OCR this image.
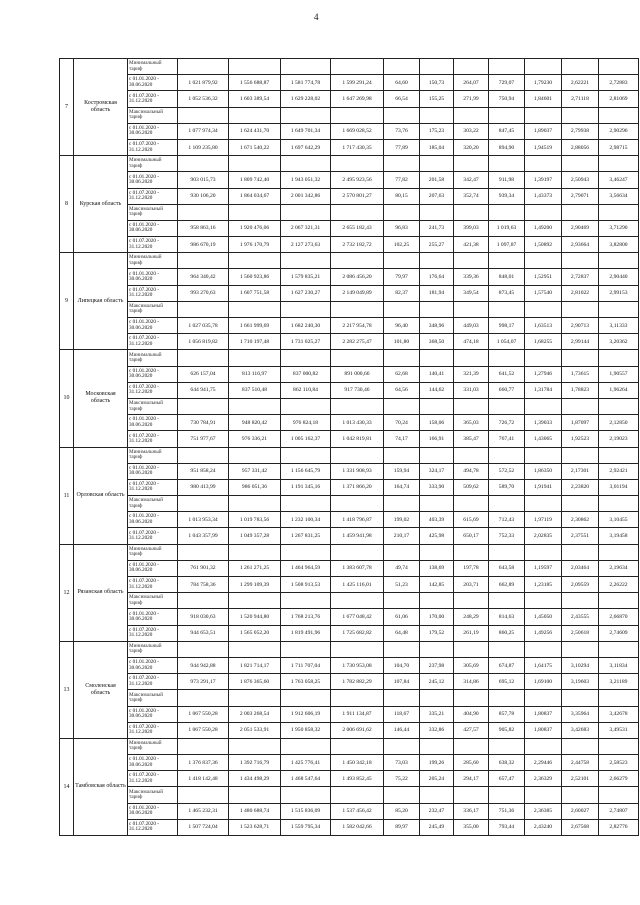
4
7	Костромская область	Минимальный тариф												
		с 01.01.2020 - 30.06.2020	1 021 879,92	1 556 688,87	1 581 774,78	1 599 291,24	64,60	150,73	264,07	729,07	1,79230	2,62221	2,72883	
		с 01.07.2020 - 31.12.2020	1 052 536,32	1 603 389,54	1 629 228,02	1 647 269,98	66,54	155,25	271,99	750,94	1,84601	2,71118	2,81069	
		Максимальный тариф												
		с 01.01.2020 - 30.06.2020	1 077 974,34	1 624 431,70	1 649 701,34	1 669 028,52	73,76	175,23	303,22	847,45	1,89037	2,79938	2,90296	
		с 01.07.2020 - 31.12.2020	1 109 235,80	1 671 540,22	1 697 642,29	1 717 430,35	77,89	185,04	320,20	894,90	1,94519	2,88056	2,98715	
8	Курская область	Минимальный тариф												
		с 01.01.2020 - 30.06.2020	903 015,73	1 809 742,40	1 943 051,32	2 495 923,56	77,82	201,58	342,47	911,98	1,39197	2,50943	3,46247	
		с 01.07.2020 - 31.12.2020	930 106,20	1 864 034,67	2 001 342,86	2 570 801,27	80,15	207,63	352,74	939,34	1,43373	2,79071	3,56634	
		Максимальный тариф												
		с 01.01.2020 - 30.06.2020	958 863,16	1 920 476,06	2 067 321,31	2 655 182,43	96,83	241,73	399,03	1 019,63	1,49200	2,90469	3,71290	
		с 01.07.2020 - 31.12.2020	986 670,19	1 976 170,79	2 127 273,63	2 732 182,72	102,25	255,27	421,38	1 097,87	1,50892	2,93664	3,82800	
9	Липецкая область	Минимальный тариф												
		с 01.01.2020 - 30.06.2020	964 340,42	1 560 923,86	1 579 835,21	2 086 456,20	79,97	176,64	339,36	848,01	1,52951	2,72837	2,90440	
		с 01.07.2020 - 31.12.2020	993 270,63	1 607 751,58	1 627 230,27	2 149 049,89	82,37	181,94	349,54	873,45	1,57540	2,81022	2,99153	
		Максимальный тариф												
		с 01.01.2020 - 30.06.2020	1 027 035,78	1 661 999,69	1 682 240,30	2 217 954,78	96,40	348,96	449,03	998,17	1,63513	2,90713	3,11333	
		с 01.07.2020 - 31.12.2020	1 056 819,82	1 710 197,48	1 731 025,27	2 282 275,47	101,80	368,50	474,18	1 054,07	1,68255	2,99144	3,20362	
10	Московская область	Минимальный тариф												
		с 01.01.2020 - 30.06.2020	626 157,04	813 116,97	837 000,82	891 000,66	62,68	140,41	321,39	641,52	1,27946	1,73615	1,90557	
		с 01.07.2020 - 31.12.2020	644 941,75	837 510,48	862 110,84	917 730,46	64,56	144,62	331,03	660,77	1,31784	1,78823	1,96264	
		Максимальный тариф												
		с 01.01.2020 - 30.06.2020	730 784,91	948 820,42	976 824,18	1 013 430,33	70,24	158,06	365,03	726,72	1,39033	1,87097	2,12850	
		с 01.07.2020 - 31.12.2020	751 977,67	976 336,21	1 005 162,37	1 042 819,81	74,17	166,91	385,47	767,41	1,43065	1,92523	2,19023	
11	Орловская область	Минимальный тариф												
		с 01.01.2020 - 30.06.2020	951 858,24	957 331,42	1 156 645,79	1 331 908,93	159,94	324,17	494,78	572,52	1,86350	2,17301	2,92421	
		с 01.07.2020 - 31.12.2020	980 413,99	986 051,36	1 191 345,16	1 371 866,20	164,74	333,90	509,62	589,70	1,91941	2,23820	3,01194	
		Максимальный тариф												
		с 01.01.2020 - 30.06.2020	1 013 953,34	1 019 783,56	1 232 100,34	1 418 796,87	199,02	403,39	615,69	712,43	1,97119	2,30862	3,10455	
		с 01.07.2020 - 31.12.2020	1 043 357,99	1 049 357,28	1 267 831,25	1 459 941,98	210,17	425,98	650,17	752,33	2,02835	2,37551	3,19458	
12	Рязанская область	Минимальный тариф												
		с 01.01.2020 - 30.06.2020	761 901,32	1 261 271,25	1 464 964,59	1 383 607,78	49,74	138,69	197,78	643,58	1,19597	2,03464	2,19634	
		с 01.07.2020 - 31.12.2020	784 758,36	1 299 109,39	1 508 913,53	1 425 116,01	51,23	142,85	203,71	662,89	1,23185	2,09559	2,26222	
		Максимальный тариф												
		с 01.01.2020 - 30.06.2020	918 030,63	1 520 944,80	1 768 213,76	1 677 048,42	61,06	170,00	248,29	814,63	1,45050	2,43555	2,66870	
		с 01.07.2020 - 31.12.2020	944 653,51	1 565 052,20	1 819 491,96	1 725 682,82	64,48	179,52	261,19	860,25	1,49256	2,50618	2,74609	
13	Смоленская область	Минимальный тариф												
		с 01.01.2020 - 30.06.2020	944 942,88	1 821 714,17	1 711 707,04	1 730 953,08	104,70	237,98	305,69	674,87	1,64175	3,10294	3,11834	
		с 01.07.2020 - 31.12.2020	973 291,17	1 876 365,60	1 763 058,25	1 782 882,29	107,84	245,12	314,86	695,12	1,69100	3,19603	3,21189	
		Максимальный тариф												
		с 01.01.2020 - 30.06.2020	1 067 550,28	2 003 268,54	1 912 606,19	1 911 134,87	118,67	335,21	404,90	857,78	1,80837	3,35964	3,42678	
		с 01.07.2020 - 31.12.2020	1 067 550,28	2 051 533,91	1 950 858,32	2 006 691,62	146,44	332,86	427,57	905,82	1,80837	3,42683	3,49531	
14	Тамбовская область	Минимальный тариф												
		с 01.01.2020 - 30.06.2020	1 376 837,36	1 392 716,79	1 425 776,41	1 450 342,18	73,03	199,26	285,60	638,32	2,29446	2,44758	2,58523	
		с 01.07.2020 - 31.12.2020	1 418 142,48	1 434 498,29	1 468 547,64	1 493 852,45	75,22	205,24	294,17	657,47	2,36329	2,52101	2,66279	
		Максимальный тариф												
		с 01.01.2020 - 30.06.2020	1 465 232,31	1 480 688,74	1 515 836,09	1 537 456,42	85,20	232,47	336,17	751,36	2,36385	2,60027	2,74807	
		с 01.07.2020 - 31.12.2020	1 507 724,04	1 523 628,71	1 559 795,34	1 582 042,66	89,97	245,49	355,00	793,44	2,43240	2,67568	2,82776	
